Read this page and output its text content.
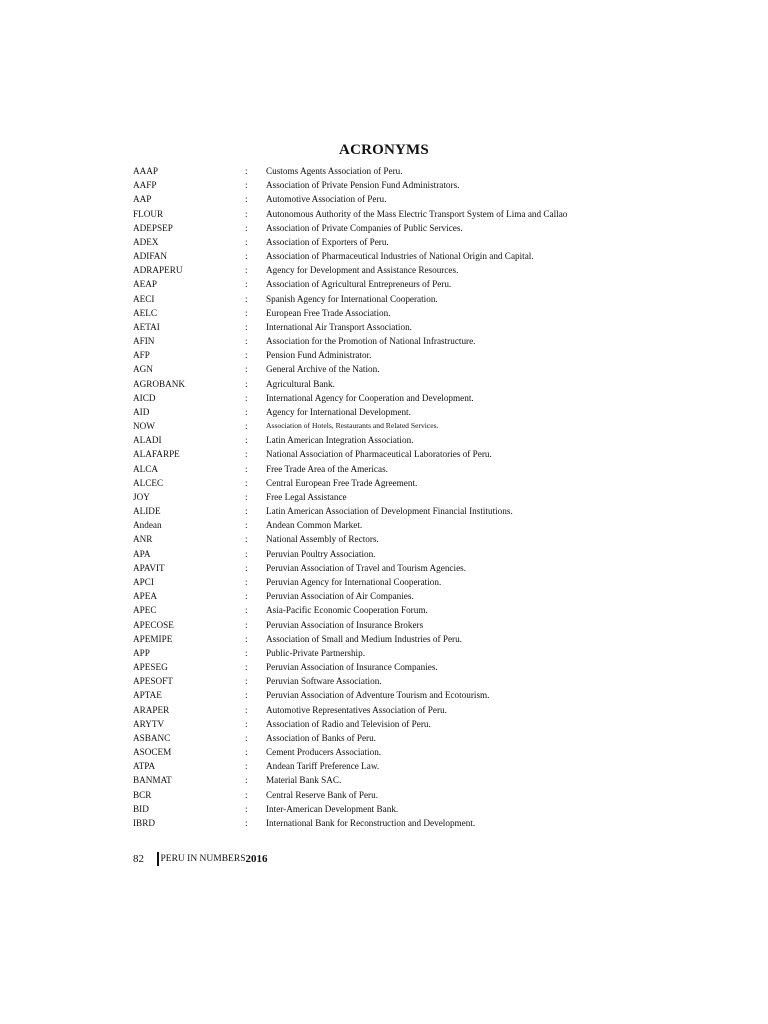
ACRONYMS
AAAP	:	Customs Agents Association of Peru.
AAFP	:	Association of Private Pension Fund Administrators.
AAP	:	Automotive Association of Peru.
FLOUR	:	Autonomous Authority of the Mass Electric Transport System of Lima and Callao
ADEPSEP	:	Association of Private Companies of Public Services.
ADEX	:	Association of Exporters of Peru.
ADIFAN	:	Association of Pharmaceutical Industries of National Origin and Capital.
ADRAPERU	:	Agency for Development and Assistance Resources.
AEAP	:	Association of Agricultural Entrepreneurs of Peru.
AECI	:	Spanish Agency for International Cooperation.
AELC	:	European Free Trade Association.
AETAI	:	International Air Transport Association.
AFIN	:	Association for the Promotion of National Infrastructure.
AFP	:	Pension Fund Administrator.
AGN	:	General Archive of the Nation.
AGROBANK	:	Agricultural Bank.
AICD	:	International Agency for Cooperation and Development.
AID	:	Agency for International Development.
NOW	:	Association of Hotels, Restaurants and Related Services.
ALADI	:	Latin American Integration Association.
ALAFARPE	:	National Association of Pharmaceutical Laboratories of Peru.
ALCA	:	Free Trade Area of the Americas.
ALCEC	:	Central European Free Trade Agreement.
JOY	:	Free Legal Assistance
ALIDE	:	Latin American Association of Development Financial Institutions.
Andean	:	Andean Common Market.
ANR	:	National Assembly of Rectors.
APA	:	Peruvian Poultry Association.
APAVIT	:	Peruvian Association of Travel and Tourism Agencies.
APCI	:	Peruvian Agency for International Cooperation.
APEA	:	Peruvian Association of Air Companies.
APEC	:	Asia-Pacific Economic Cooperation Forum.
APECOSE	:	Peruvian Association of Insurance Brokers
APEMIPE	:	Association of Small and Medium Industries of Peru.
APP	:	Public-Private Partnership.
APESEG	:	Peruvian Association of Insurance Companies.
APESOFT	:	Peruvian Software Association.
APTAE	:	Peruvian Association of Adventure Tourism and Ecotourism.
ARAPER	:	Automotive Representatives Association of Peru.
ARYTV	:	Association of Radio and Television of Peru.
ASBANC	:	Association of Banks of Peru.
ASOCEM	:	Cement Producers Association.
ATPA	:	Andean Tariff Preference Law.
BANMAT	:	Material Bank SAC.
BCR	:	Central Reserve Bank of Peru.
BID	:	Inter-American Development Bank.
IBRD	:	International Bank for Reconstruction and Development.
82	PERU IN NUMBERS 2016
